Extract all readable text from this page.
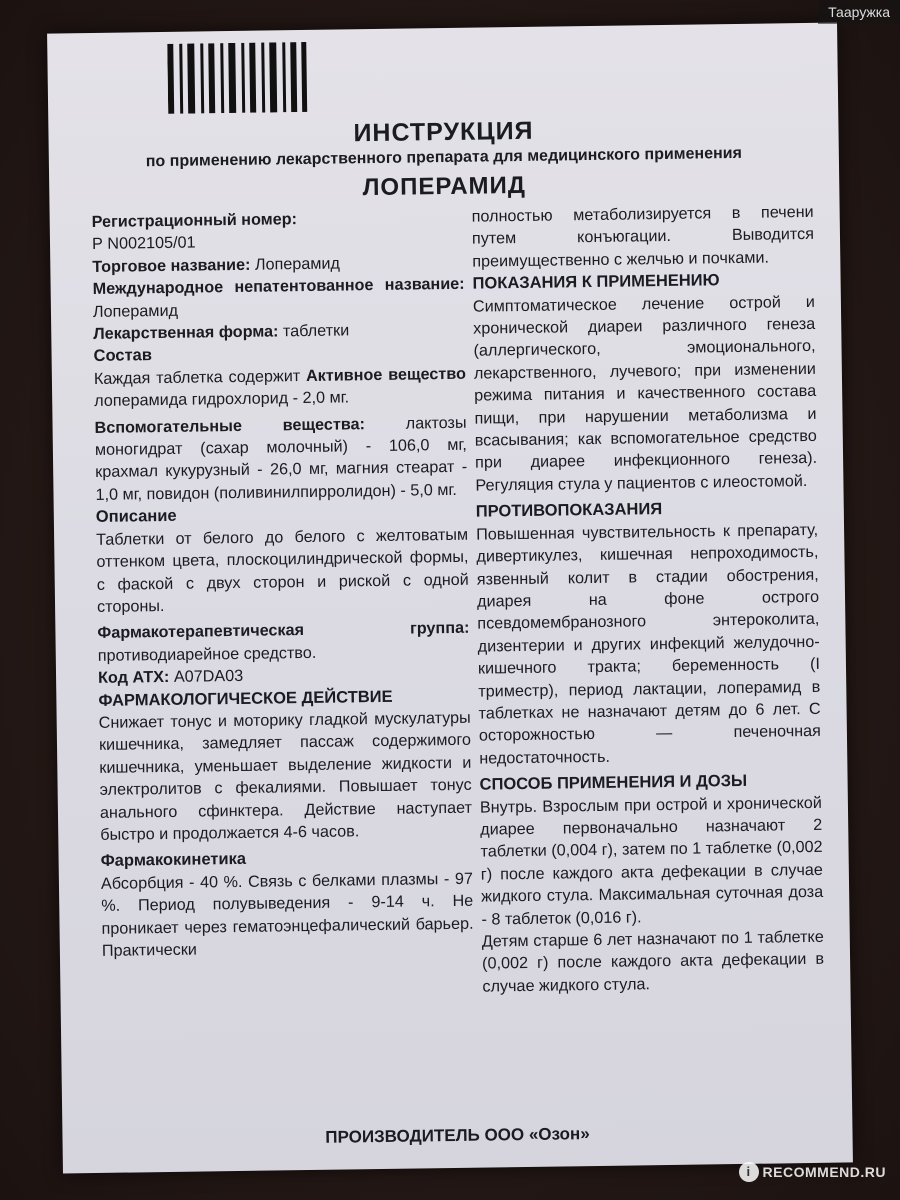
ИНСТРУКЦИЯ

по применению лекарственного препарата для медицинского применения

ЛОПЕРАМИД

Регистрационный номер:
Р N002105/01

Торговое название: Лоперамид

Международное непатентованное название: Лоперамид

Лекарственная форма: таблетки

Состав

Каждая таблетка содержит Активное вещество лоперамида гидрохлорид - 2,0 мг.

Вспомогательные вещества: лактозы моногидрат (сахар молочный) - 106,0 мг, крахмал кукурузный - 26,0 мг, магния стеарат - 1,0 мг, повидон (поливинилпирролидон) - 5,0 мг.

Описание

Таблетки от белого до белого с желтоватым оттенком цвета, плоскоцилиндрической формы, с фаской с двух сторон и риской с одной стороны.

Фармакотерапевтическая группа: противодиарейное средство.

Код АТХ: A07DA03

ФАРМАКОЛОГИЧЕСКОЕ ДЕЙСТВИЕ

Снижает тонус и моторику гладкой мускулатуры кишечника, замедляет пассаж содержимого кишечника, уменьшает выделение жидкости и электролитов с фекалиями. Повышает тонус анального сфинктера. Действие наступает быстро и продолжается 4-6 часов.

Фармакокинетика

Абсорбция - 40 %. Связь с белками плазмы - 97 %. Период полувыведения - 9-14 ч. Не проникает через гематоэнцефалический барьер. Практически

полностью метаболизируется в печени путем конъюгации. Выводится преимущественно с желчью и почками.

ПОКАЗАНИЯ К ПРИМЕНЕНИЮ

Симптоматическое лечение острой и хронической диареи различного генеза (аллергического, эмоционального, лекарственного, лучевого; при изменении режима питания и качественного состава пищи, при нарушении метаболизма и всасывания; как вспомогательное средство при диарее инфекционного генеза). Регуляция стула у пациентов с илеостомой.

ПРОТИВОПОКАЗАНИЯ

Повышенная чувствительность к препарату, дивертикулез, кишечная непроходимость, язвенный колит в стадии обострения, диарея на фоне острого псевдомембранозного энтероколита, дизентерии и других инфекций желудочно-кишечного тракта; беременность (I триместр), период лактации, лоперамид в таблетках не назначают детям до 6 лет. С осторожностью — печеночная недостаточность.

СПОСОБ ПРИМЕНЕНИЯ И ДОЗЫ

Внутрь. Взрослым при острой и хронической диарее первоначально назначают 2 таблетки (0,004 г), затем по 1 таблетке (0,002 г) после каждого акта дефекации в случае жидкого стула. Максимальная суточная доза - 8 таблеток (0,016 г).

Детям старше 6 лет назначают по 1 таблетке (0,002 г) после каждого акта дефекации в случае жидкого стула.

ПРОИЗВОДИТЕЛЬ ООО «Озон»
Таарyжка
i RECOMMEND.RU
